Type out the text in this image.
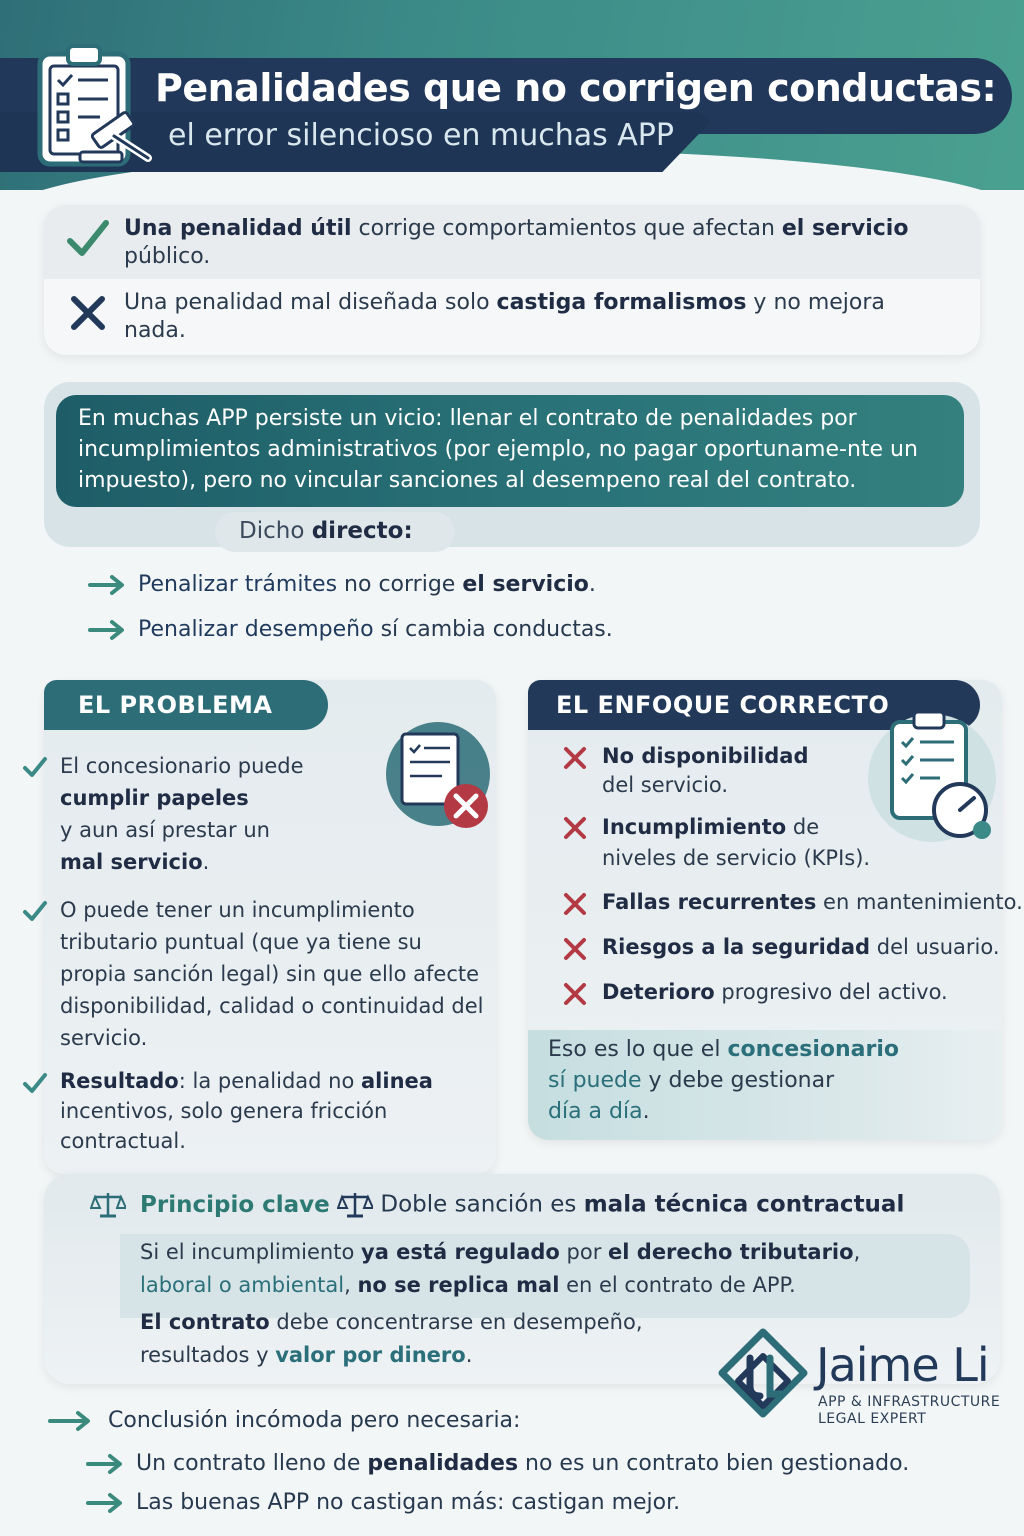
Penalidades que no corrigen conductas:
el error silencioso en muchas APP
Una penalidad útil corrige comportamientos que afectan el servicio público.
Una penalidad mal diseñada solo castiga formalismos y no mejora nada.
En muchas APP persiste un vicio: llenar el contrato de penalidades por incumplimientos administrativos (por ejemplo, no pagar oportuname-nte un impuesto), pero no vincular sanciones al desempeno real del contrato.
Dicho directo:
Penalizar trámites no corrige el servicio.
Penalizar desempeño sí cambia conductas.
EL PROBLEMA
El concesionario puede
cumplir papeles
y aun así prestar un
mal servicio.
O puede tener un incumplimiento tributario puntual (que ya tiene su propia sanción legal) sin que ello afecte disponibilidad, calidad o continuidad del servicio.
Resultado: la penalidad no alinea incentivos, solo genera fricción contractual.
EL ENFOQUE CORRECTO
No disponibilidad del servicio.
Incumplimiento de niveles de servicio (KPIs).
Fallas recurrentes en mantenimiento.
Riesgos a la seguridad del usuario.
Deterioro progresivo del activo.
Eso es lo que el concesionario
sí puede y debe gestionar
día a día.
Principio clave Doble sanción es mala técnica contractual
Si el incumplimiento ya está regulado por el derecho tributario,
laboral o ambiental, no se replica mal en el contrato de APP.
El contrato debe concentrarse en desempeño,
resultados y valor por dinero.	Jaime Li
APP & INFRASTRUCTURE
LEGAL EXPERT
Conclusión incómoda pero necesaria:
Un contrato lleno de penalidades no es un contrato bien gestionado.
Las buenas APP no castigan más: castigan mejor.
